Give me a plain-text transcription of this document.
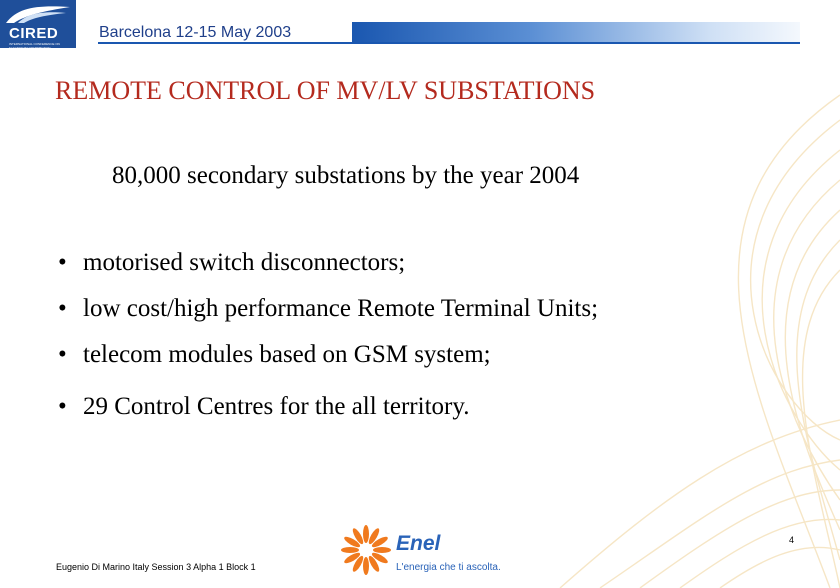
CIRED
INTERNATIONAL CONFERENCE ON ELECTRICITY DISTRIBUTION
Barcelona 12-15 May 2003
REMOTE CONTROL OF MV/LV SUBSTATIONS
80,000 secondary substations by the year 2004
• motorised switch disconnectors;
• low cost/high performance Remote Terminal Units;
• telecom modules based on GSM system;
• 29 Control Centres for the all territory.
Enel
L'energia che ti ascolta.
Eugenio Di Marino Italy Session 3 Alpha 1 Block 1
4
